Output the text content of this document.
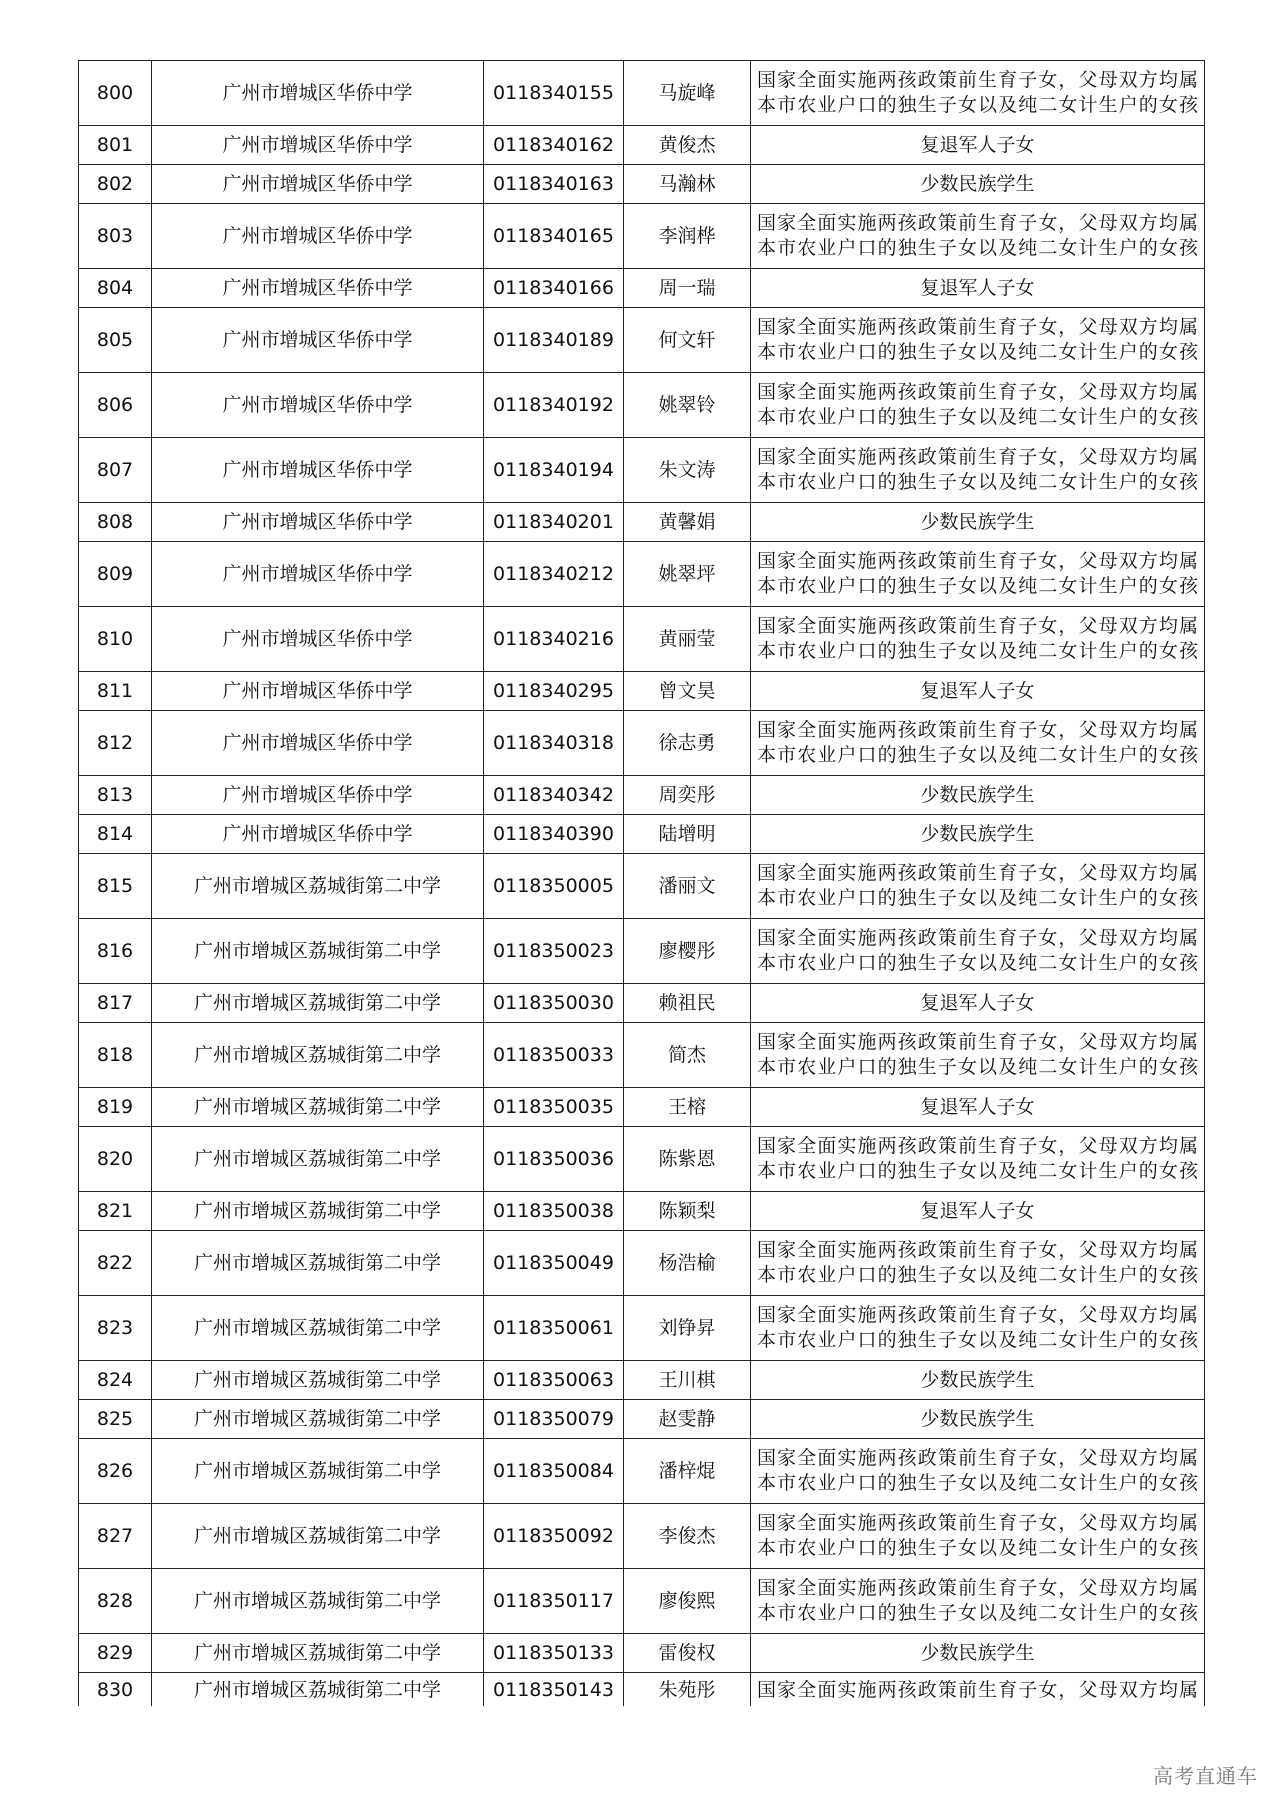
800	广州市增城区华侨中学	0118340155	马旋峰	国家全面实施两孩政策前生育子女，父母双方均属
本市农业户口的独生子女以及纯二女计生户的女孩

801	广州市增城区华侨中学	0118340162	黄俊杰	复退军人子女
802	广州市增城区华侨中学	0118340163	马瀚林	少数民族学生
803	广州市增城区华侨中学	0118340165	李润桦	国家全面实施两孩政策前生育子女，父母双方均属
本市农业户口的独生子女以及纯二女计生户的女孩

804	广州市增城区华侨中学	0118340166	周一瑞	复退军人子女
805	广州市增城区华侨中学	0118340189	何文轩	国家全面实施两孩政策前生育子女，父母双方均属
本市农业户口的独生子女以及纯二女计生户的女孩

806	广州市增城区华侨中学	0118340192	姚翠铃	国家全面实施两孩政策前生育子女，父母双方均属
本市农业户口的独生子女以及纯二女计生户的女孩

807	广州市增城区华侨中学	0118340194	朱文涛	国家全面实施两孩政策前生育子女，父母双方均属
本市农业户口的独生子女以及纯二女计生户的女孩

808	广州市增城区华侨中学	0118340201	黄馨娟	少数民族学生
809	广州市增城区华侨中学	0118340212	姚翠坪	国家全面实施两孩政策前生育子女，父母双方均属
本市农业户口的独生子女以及纯二女计生户的女孩

810	广州市增城区华侨中学	0118340216	黄丽莹	国家全面实施两孩政策前生育子女，父母双方均属
本市农业户口的独生子女以及纯二女计生户的女孩

811	广州市增城区华侨中学	0118340295	曾文昊	复退军人子女
812	广州市增城区华侨中学	0118340318	徐志勇	国家全面实施两孩政策前生育子女，父母双方均属
本市农业户口的独生子女以及纯二女计生户的女孩

813	广州市增城区华侨中学	0118340342	周奕彤	少数民族学生
814	广州市增城区华侨中学	0118340390	陆增明	少数民族学生
815	广州市增城区荔城街第二中学	0118350005	潘丽文	国家全面实施两孩政策前生育子女，父母双方均属
本市农业户口的独生子女以及纯二女计生户的女孩

816	广州市增城区荔城街第二中学	0118350023	廖樱彤	国家全面实施两孩政策前生育子女，父母双方均属
本市农业户口的独生子女以及纯二女计生户的女孩

817	广州市增城区荔城街第二中学	0118350030	赖祖民	复退军人子女
818	广州市增城区荔城街第二中学	0118350033	简杰	国家全面实施两孩政策前生育子女，父母双方均属
本市农业户口的独生子女以及纯二女计生户的女孩

819	广州市增城区荔城街第二中学	0118350035	王榕	复退军人子女
820	广州市增城区荔城街第二中学	0118350036	陈紫恩	国家全面实施两孩政策前生育子女，父母双方均属
本市农业户口的独生子女以及纯二女计生户的女孩

821	广州市增城区荔城街第二中学	0118350038	陈颖梨	复退军人子女
822	广州市增城区荔城街第二中学	0118350049	杨浩榆	国家全面实施两孩政策前生育子女，父母双方均属
本市农业户口的独生子女以及纯二女计生户的女孩

823	广州市增城区荔城街第二中学	0118350061	刘铮昇	国家全面实施两孩政策前生育子女，父母双方均属
本市农业户口的独生子女以及纯二女计生户的女孩

824	广州市增城区荔城街第二中学	0118350063	王川棋	少数民族学生
825	广州市增城区荔城街第二中学	0118350079	赵雯静	少数民族学生
826	广州市增城区荔城街第二中学	0118350084	潘梓焜	国家全面实施两孩政策前生育子女，父母双方均属
本市农业户口的独生子女以及纯二女计生户的女孩

827	广州市增城区荔城街第二中学	0118350092	李俊杰	国家全面实施两孩政策前生育子女，父母双方均属
本市农业户口的独生子女以及纯二女计生户的女孩

828	广州市增城区荔城街第二中学	0118350117	廖俊熙	国家全面实施两孩政策前生育子女，父母双方均属
本市农业户口的独生子女以及纯二女计生户的女孩

829	广州市增城区荔城街第二中学	0118350133	雷俊权	少数民族学生

830	广州市增城区荔城街第二中学	0118350143	朱苑彤	国家全面实施两孩政策前生育子女，父母双方均属
高考直通车
